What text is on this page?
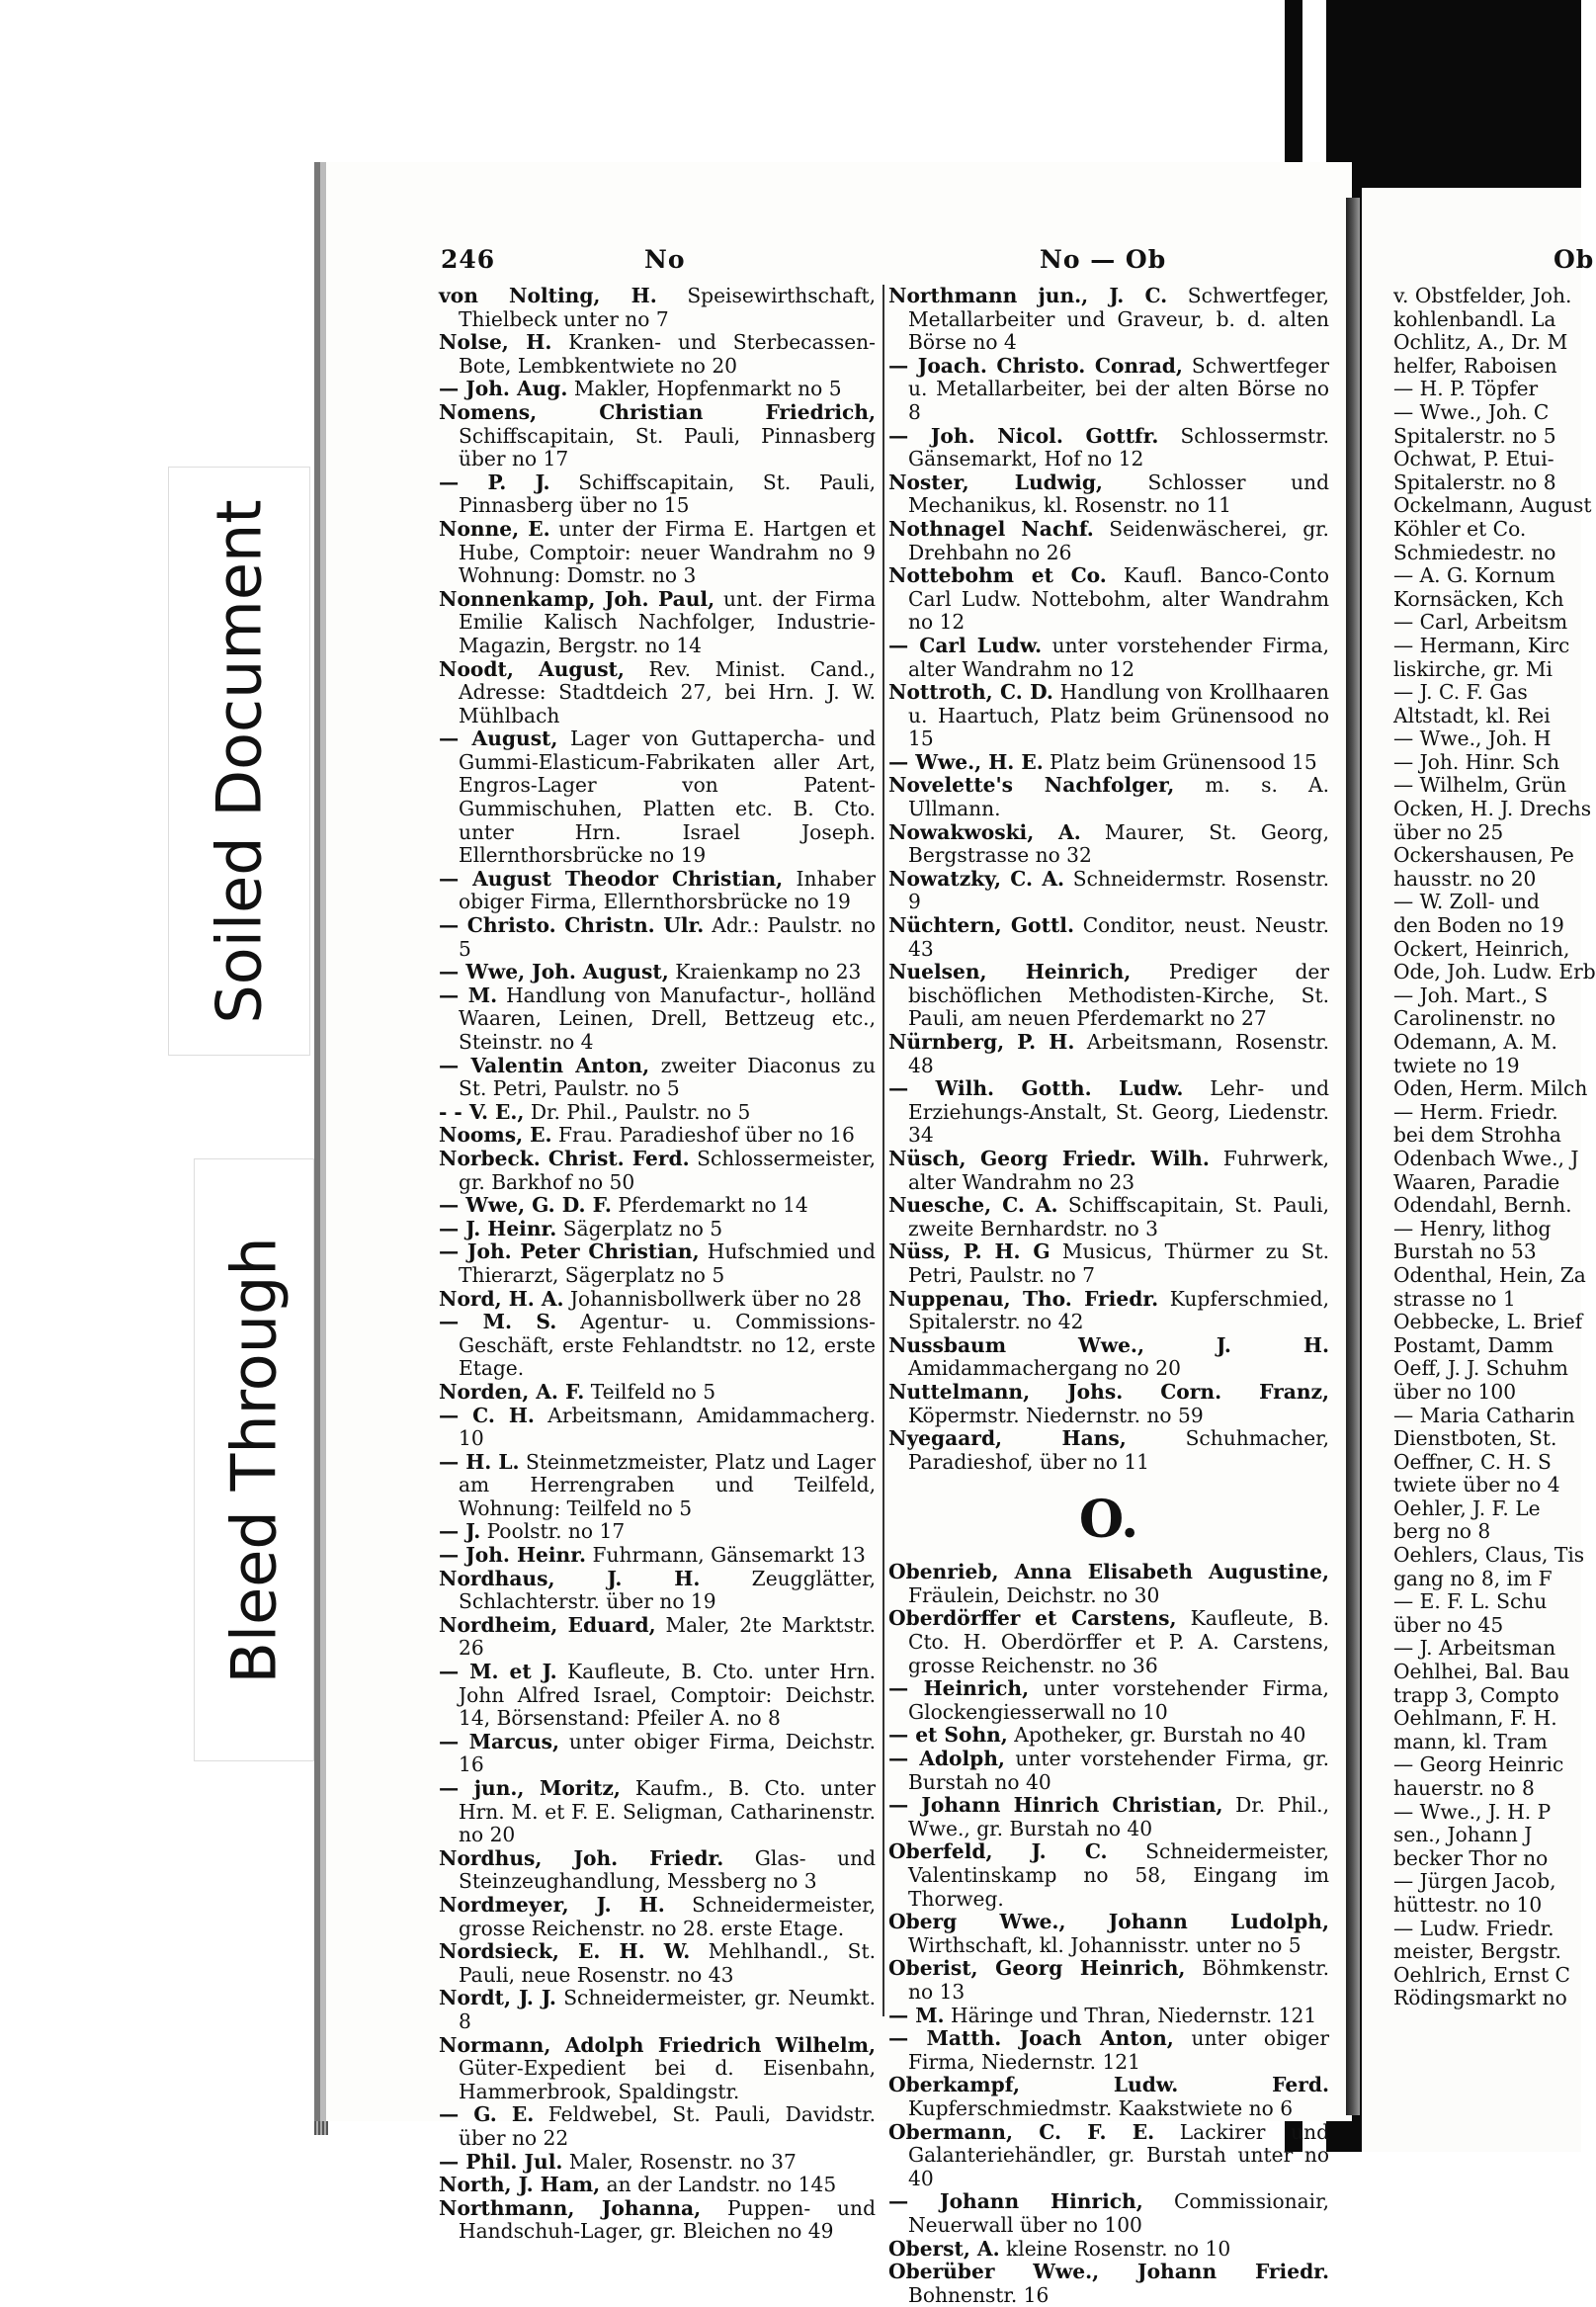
Soiled Document
Bleed Through
246	No	No — Ob	Ob
von Nolting, H. Speisewirthschaft, Thielbeck unter no 7
Nolse, H. Kranken- und Sterbecassen-Bote, Lembkentwiete no 20
— Joh. Aug. Makler, Hopfenmarkt no 5
Nomens, Christian Friedrich, Schiffscapitain, St. Pauli, Pinnasberg über no 17
— P. J. Schiffscapitain, St. Pauli, Pinnasberg über no 15
Nonne, E. unter der Firma E. Hartgen et Hube, Comptoir: neuer Wandrahm no 9 Wohnung: Domstr. no 3
Nonnenkamp, Joh. Paul, unt. der Firma Emilie Kalisch Nachfolger, Industrie-Magazin, Bergstr. no 14
Noodt, August, Rev. Minist. Cand., Adresse: Stadtdeich 27, bei Hrn. J. W. Mühlbach
— August, Lager von Guttapercha- und Gummi-Elasticum-Fabrikaten aller Art, Engros-Lager von Patent-Gummischuhen, Platten etc. B. Cto. unter Hrn. Israel Joseph. Ellernthorsbrücke no 19
— August Theodor Christian, Inhaber obiger Firma, Ellernthorsbrücke no 19
— Christo. Christn. Ulr. Adr.: Paulstr. no 5
— Wwe, Joh. August, Kraienkamp no 23
— M. Handlung von Manufactur-, holländ Waaren, Leinen, Drell, Bettzeug etc., Steinstr. no 4
— Valentin Anton, zweiter Diaconus zu St. Petri, Paulstr. no 5
- - V. E., Dr. Phil., Paulstr. no 5
Nooms, E. Frau. Paradieshof über no 16
Norbeck. Christ. Ferd. Schlossermeister, gr. Barkhof no 50
— Wwe, G. D. F. Pferdemarkt no 14
— J. Heinr. Sägerplatz no 5
— Joh. Peter Christian, Hufschmied und Thierarzt, Sägerplatz no 5
Nord, H. A. Johannisbollwerk über no 28
— M. S. Agentur- u. Commissions-Geschäft, erste Fehlandtstr. no 12, erste Etage.
Norden, A. F. Teilfeld no 5
— C. H. Arbeitsmann, Amidammacherg. 10
— H. L. Steinmetzmeister, Platz und Lager am Herrengraben und Teilfeld, Wohnung: Teilfeld no 5
— J. Poolstr. no 17
— Joh. Heinr. Fuhrmann, Gänsemarkt 13
Nordhaus, J. H. Zeugglätter, Schlachterstr. über no 19
Nordheim, Eduard, Maler, 2te Marktstr. 26
— M. et J. Kaufleute, B. Cto. unter Hrn. John Alfred Israel, Comptoir: Deichstr. 14, Börsenstand: Pfeiler A. no 8
— Marcus, unter obiger Firma, Deichstr. 16
— jun., Moritz, Kaufm., B. Cto. unter Hrn. M. et F. E. Seligman, Catharinenstr. no 20
Nordhus, Joh. Friedr. Glas- und Steinzeughandlung, Messberg no 3
Nordmeyer, J. H. Schneidermeister, grosse Reichenstr. no 28. erste Etage.
Nordsieck, E. H. W. Mehlhandl., St. Pauli, neue Rosenstr. no 43
Nordt, J. J. Schneidermeister, gr. Neumkt. 8
Normann, Adolph Friedrich Wilhelm, Güter-Expedient bei d. Eisenbahn, Hammerbrook, Spaldingstr.
— G. E. Feldwebel, St. Pauli, Davidstr. über no 22
— Phil. Jul. Maler, Rosenstr. no 37
North, J. Ham, an der Landstr. no 145
Northmann, Johanna, Puppen- und Handschuh-Lager, gr. Bleichen no 49
Northmann jun., J. C. Schwertfeger, Metallarbeiter und Graveur, b. d. alten Börse no 4
— Joach. Christo. Conrad, Schwertfeger u. Metallarbeiter, bei der alten Börse no 8
— Joh. Nicol. Gottfr. Schlossermstr. Gänsemarkt, Hof no 12
Noster, Ludwig, Schlosser und Mechanikus, kl. Rosenstr. no 11
Nothnagel Nachf. Seidenwäscherei, gr. Drehbahn no 26
Nottebohm et Co. Kaufl. Banco-Conto Carl Ludw. Nottebohm, alter Wandrahm no 12
— Carl Ludw. unter vorstehender Firma, alter Wandrahm no 12
Nottroth, C. D. Handlung von Krollhaaren u. Haartuch, Platz beim Grünensood no 15
— Wwe., H. E. Platz beim Grünensood 15
Novelette's Nachfolger, m. s. A. Ullmann.
Nowakwoski, A. Maurer, St. Georg, Bergstrasse no 32
Nowatzky, C. A. Schneidermstr. Rosenstr. 9
Nüchtern, Gottl. Conditor, neust. Neustr. 43
Nuelsen, Heinrich, Prediger der bischöflichen Methodisten-Kirche, St. Pauli, am neuen Pferdemarkt no 27
Nürnberg, P. H. Arbeitsmann, Rosenstr. 48
— Wilh. Gotth. Ludw. Lehr- und Erziehungs-Anstalt, St. Georg, Liedenstr. 34
Nüsch, Georg Friedr. Wilh. Fuhrwerk, alter Wandrahm no 23
Nuesche, C. A. Schiffscapitain, St. Pauli, zweite Bernhardstr. no 3
Nüss, P. H. G Musicus, Thürmer zu St. Petri, Paulstr. no 7
Nuppenau, Tho. Friedr. Kupferschmied, Spitalerstr. no 42
Nussbaum Wwe., J. H. Amidammachergang no 20
Nuttelmann, Johs. Corn. Franz, Köpermstr. Niedernstr. no 59
Nyegaard, Hans, Schuhmacher, Paradieshof, über no 11
O.
Obenrieb, Anna Elisabeth Augustine, Fräulein, Deichstr. no 30
Oberdörffer et Carstens, Kaufleute, B. Cto. H. Oberdörffer et P. A. Carstens, grosse Reichenstr. no 36
— Heinrich, unter vorstehender Firma, Glockengiesserwall no 10
— et Sohn, Apotheker, gr. Burstah no 40
— Adolph, unter vorstehender Firma, gr. Burstah no 40
— Johann Hinrich Christian, Dr. Phil., Wwe., gr. Burstah no 40
Oberfeld, J. C. Schneidermeister, Valentinskamp no 58, Eingang im Thorweg.
Oberg Wwe., Johann Ludolph, Wirthschaft, kl. Johannisstr. unter no 5
Oberist, Georg Heinrich, Böhmkenstr. no 13
— M. Häringe und Thran, Niedernstr. 121
— Matth. Joach Anton, unter obiger Firma, Niedernstr. 121
Oberkampf, Ludw. Ferd. Kupferschmiedmstr. Kaakstwiete no 6
Obermann, C. F. E. Lackirer und Galanteriehändler, gr. Burstah unter no 40
— Johann Hinrich, Commissionair, Neuerwall über no 100
Oberst, A. kleine Rosenstr. no 10
Oberüber Wwe., Johann Friedr. Bohnenstr. 16
v. Obstfelder, Joh.
kohlenbandl. La
Ochlitz, A., Dr. M
helfer, Raboisen
— H. P. Töpfer
— Wwe., Joh. C
Spitalerstr. no 5
Ochwat, P. Etui-
Spitalerstr. no 8
Ockelmann, August
Köhler et Co.
Schmiedestr. no
— A. G. Kornum
Kornsäcken, Kch
— Carl, Arbeitsm
— Hermann, Kirc
liskirche, gr. Mi
— J. C. F. Gas
Altstadt, kl. Rei
— Wwe., Joh. H
— Joh. Hinr. Sch
— Wilhelm, Grün
Ocken, H. J. Drechs
über no 25
Ockershausen, Pe
hausstr. no 20
— W. Zoll- und
den Boden no 19
Ockert, Heinrich,
Ode, Joh. Ludw. Erb
— Joh. Mart., S
Carolinenstr. no
Odemann, A. M.
twiete no 19
Oden, Herm. Milch
— Herm. Friedr.
bei dem Strohha
Odenbach Wwe., J
Waaren, Paradie
Odendahl, Bernh.
— Henry, lithog
Burstah no 53
Odenthal, Hein, Za
strasse no 1
Oebbecke, L. Brief
Postamt, Damm
Oeff, J. J. Schuhm
über no 100
— Maria Catharin
Dienstboten, St.
Oeffner, C. H. S
twiete über no 4
Oehler, J. F. Le
berg no 8
Oehlers, Claus, Tis
gang no 8, im F
— E. F. L. Schu
über no 45
— J. Arbeitsman
Oehlhei, Bal. Bau
trapp 3, Compto
Oehlmann, F. H.
mann, kl. Tram
— Georg Heinric
hauerstr. no 8
— Wwe., J. H. P
sen., Johann J
becker Thor no
— Jürgen Jacob,
hüttestr. no 10
— Ludw. Friedr.
meister, Bergstr.
Oehlrich, Ernst C
Rödingsmarkt no
